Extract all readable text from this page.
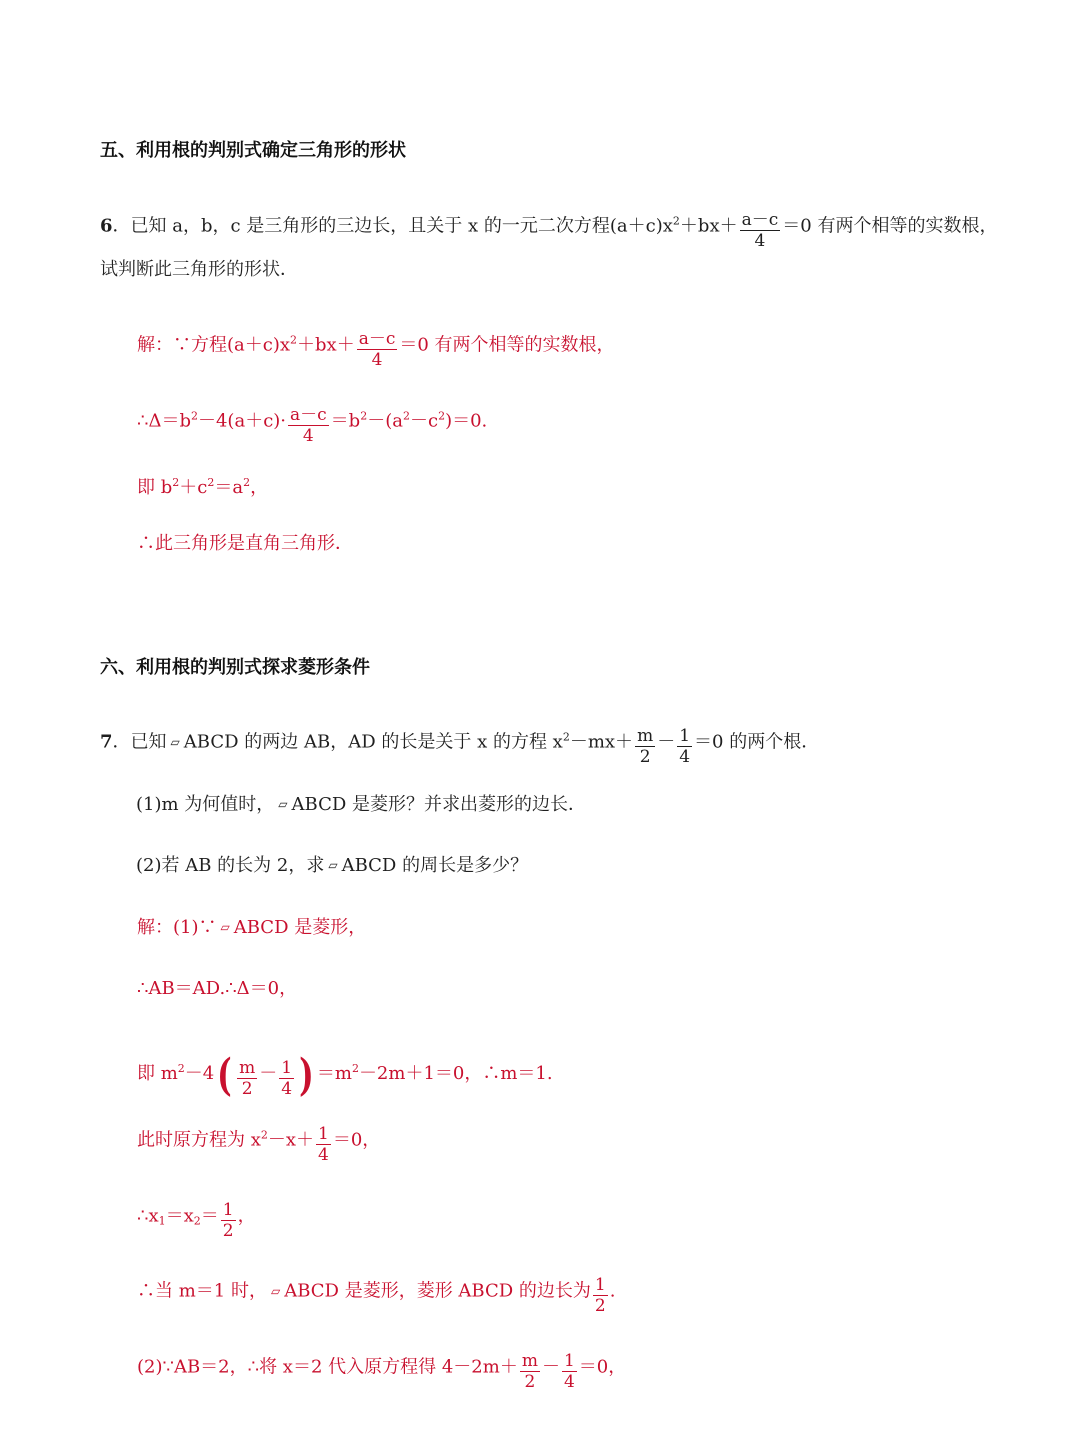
五、利用根的判别式确定三角形的形状
6．已知 a，b，c 是三角形的三边长，且关于 x 的一元二次方程$(a+c)x^2+bx+ \frac{a-c}{4} =0$ 有两个相等的实数根，
试判断此三角形的形状．
解：∵方程$(a+c)x^2+bx+ \frac{a-c}{4} =0$ 有两个相等的实数根，
$\therefore\Delta=b^2-4(a+c)\cdot \frac{a-c}{4} =b^2-(a^2-c^2)=0$.
即 $b^2+c^2=a^2$，
∴此三角形是直角三角形．
六、利用根的判别式探求菱形条件
7．已知 ▱ ABCD 的两边 AB，AD 的长是关于 x 的方程 $x^2-mx+ \frac{m}{2} - \frac{1}{4} =0$ 的两个根．
(1)m 为何值时， ▱ ABCD 是菱形？并求出菱形的边长．
(2)若 AB 的长为 2，求 ▱ ABCD 的周长是多少？
解：(1)∵ ▱ ABCD 是菱形，
∴AB＝AD.∴Δ＝0，
即 $m^2-4( \frac{m}{2} - \frac{1}{4}$ ) $=m^2-2m+1=0$，∴m＝1.
此时原方程为 $x^2-x+ \frac{1}{4} =0$，
$\therefore x_1=x_2= \frac{1}{2}$ ，
∴当 m＝1 时， ▱ ABCD 是菱形，菱形 ABCD 的边长为 $\frac{1}{2}$ .
(2)∵AB＝2，∴将 x＝2 代入原方程得 $4-2m+ \frac{m}{2} - \frac{1}{4} =0$，
